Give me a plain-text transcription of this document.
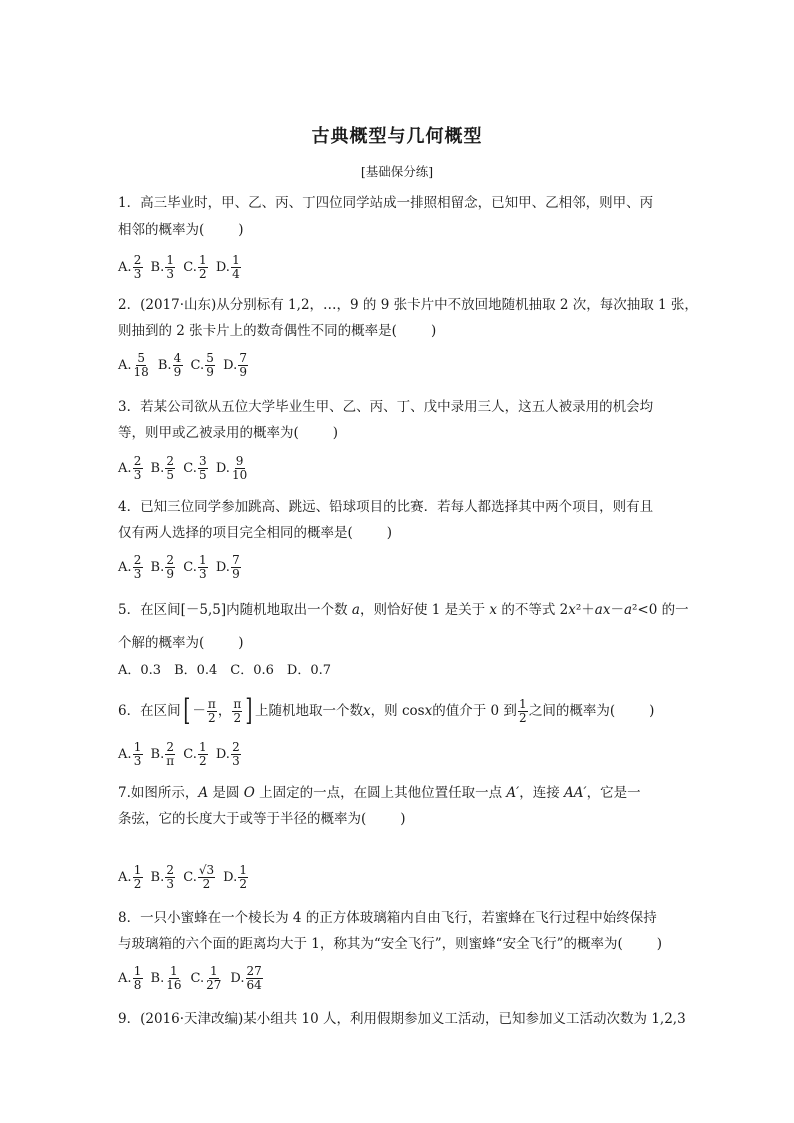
古典概型与几何概型
[基础保分练]
1．高三毕业时，甲、乙、丙、丁四位同学站成一排照相留念，已知甲、乙相邻，则甲、丙
相邻的概率为(	)
A. $\frac{2}{3} B$. $\frac{1}{3} C$. $\frac{1}{2} D$. $\frac{1}{4}$
2．(2017·山东)从分别标有 1,2，…，9 的 9 张卡片中不放回地随机抽取 2 次，每次抽取 1 张，
则抽到的 2 张卡片上的数奇偶性不同的概率是(	)
A. $\frac{5}{18} B$. $\frac{4}{9} C$. $\frac{5}{9} D$. $\frac{7}{9}$
3．若某公司欲从五位大学毕业生甲、乙、丙、丁、戊中录用三人，这五人被录用的机会均
等，则甲或乙被录用的概率为(	)
A. $\frac{2}{3} B$. $\frac{2}{5} C$. $\frac{3}{5} D$. $\frac{9}{10}$
4．已知三位同学参加跳高、跳远、铅球项目的比赛．若每人都选择其中两个项目，则有且
仅有两人选择的项目完全相同的概率是(	)
A. $\frac{2}{3} B$. $\frac{2}{9} C$. $\frac{1}{3} D$. $\frac{7}{9}$
5．在区间[－5,5]内随机地取出一个数 a，则恰好使 1 是关于 x 的不等式 2x²＋ax－a²<0 的一
个解的概率为(	)
A．0.3　B．0.4　C．0.6　D．0.7
6．在区间 [ － $\frac{\pi}{2}$ ， $\frac{\pi}{2}$ ] 上随机地取一个数 x ，则 cos x 的值介于 0 到 $\frac{1}{2}$ 之间的概率为(	)
A. $\frac{1}{3} B$. $\frac{2}{\pi} C$. $\frac{1}{2} D$. $\frac{2}{3}$
7.如图所示，A 是圆 O 上固定的一点，在圆上其他位置任取一点 A′，连接 AA′，它是一
条弦，它的长度大于或等于半径的概率为(	)
A. $\frac{1}{2} B$. $\frac{2}{3} C$. $\frac{√3}{2} D$. $\frac{1}{2}$
8．一只小蜜蜂在一个棱长为 4 的正方体玻璃箱内自由飞行，若蜜蜂在飞行过程中始终保持
与玻璃箱的六个面的距离均大于 1，称其为“安全飞行”，则蜜蜂“安全飞行”的概率为(	)
A. $\frac{1}{8} B$. $\frac{1}{16} C$. $\frac{1}{27} D$. $\frac{27}{64}$
9．(2016·天津改编)某小组共 10 人，利用假期参加义工活动，已知参加义工活动次数为 1,2,3
